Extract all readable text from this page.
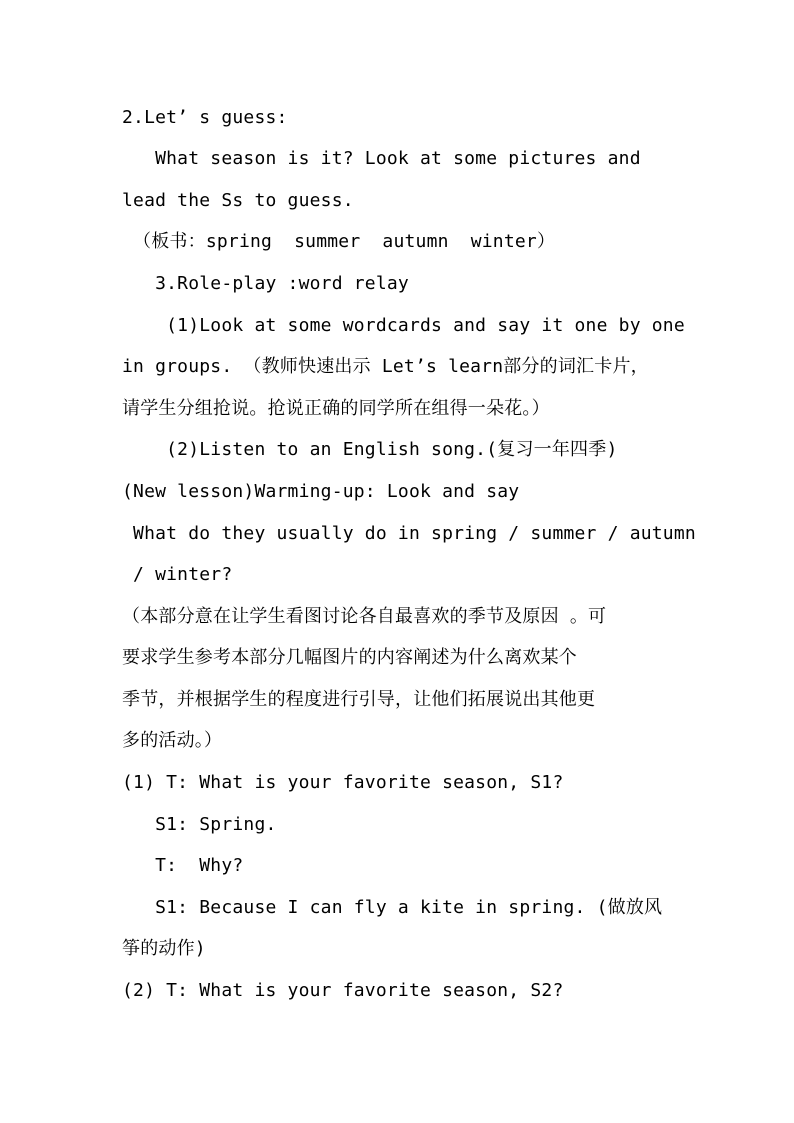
2.Let’ s guess:
What season is it? Look at some pictures and
lead the Ss to guess.
（板书：spring  summer  autumn  winter）
3.Role-play :word relay
(1)Look at some wordcards and say it one by one
in groups. （教师快速出示 Let’s learn部分的词汇卡片，
请学生分组抢说。抢说正确的同学所在组得一朵花。）
(2)Listen to an English song.(复习一年四季)
(New lesson)Warming-up: Look and say
What do they usually do in spring / summer / autumn
/ winter?
（本部分意在让学生看图讨论各自最喜欢的季节及原因 。可
要求学生参考本部分几幅图片的内容阐述为什么离欢某个
季节，并根据学生的程度进行引导，让他们拓展说出其他更
多的活动。）
(1) T: What is your favorite season, S1?
S1: Spring.
T:  Why?
S1: Because I can fly a kite in spring. (做放风
筝的动作)
(2) T: What is your favorite season, S2?
